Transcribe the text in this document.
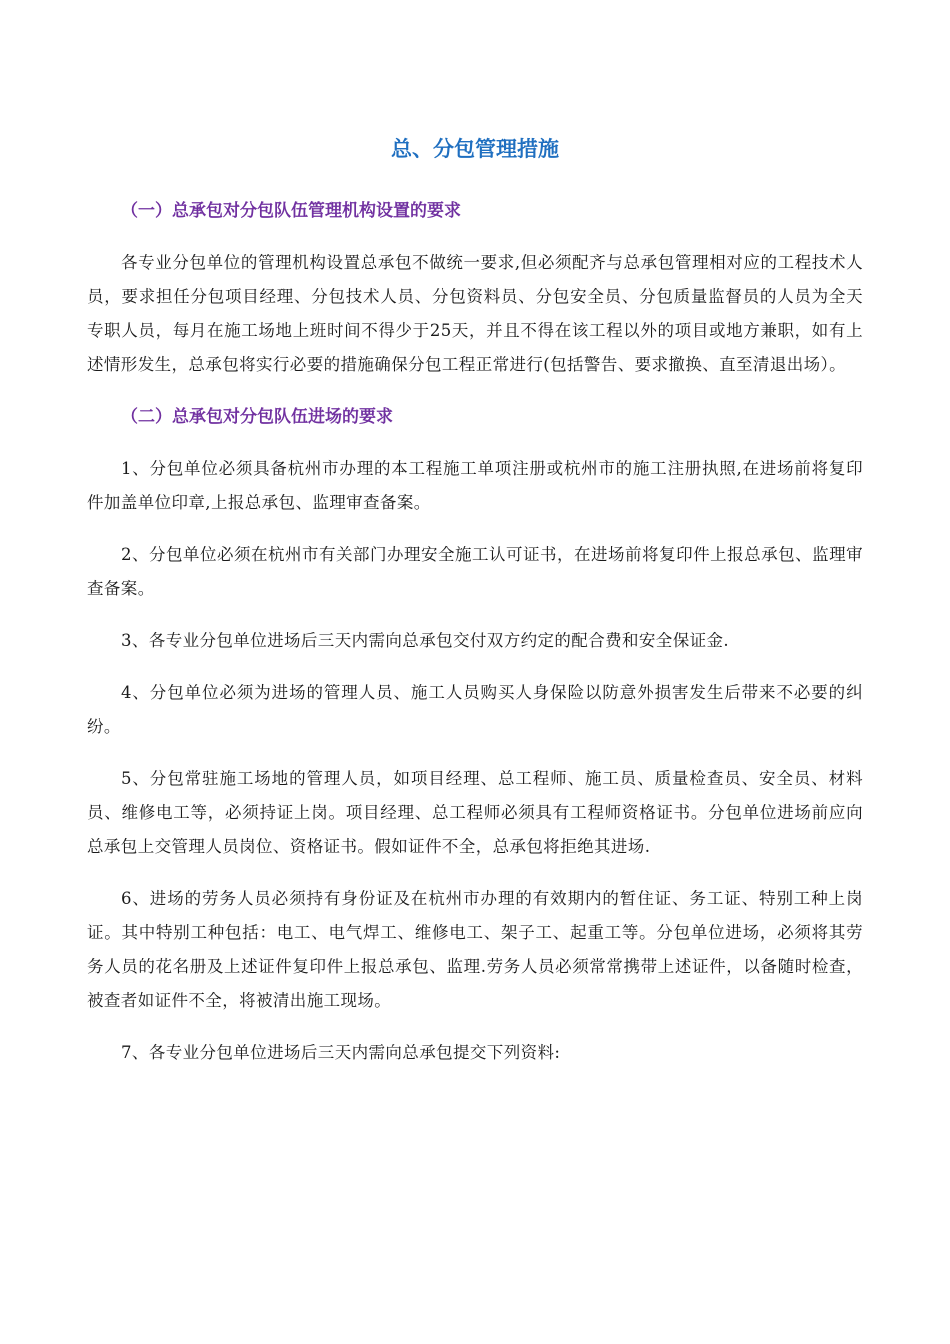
总、分包管理措施
（一）总承包对分包队伍管理机构设置的要求

各专业分包单位的管理机构设置总承包不做统一要求,但必须配齐与总承包管理相对应的工程技术人员，要求担任分包项目经理、分包技术人员、分包资料员、分包安全员、分包质量监督员的人员为全天专职人员，每月在施工场地上班时间不得少于25天，并且不得在该工程以外的项目或地方兼职，如有上述情形发生，总承包将实行必要的措施确保分包工程正常进行(包括警告、要求撤换、直至清退出场）。

（二）总承包对分包队伍进场的要求

1、分包单位必须具备杭州市办理的本工程施工单项注册或杭州市的施工注册执照,在进场前将复印件加盖单位印章,上报总承包、监理审查备案。

2、分包单位必须在杭州市有关部门办理安全施工认可证书，在进场前将复印件上报总承包、监理审查备案。

3、各专业分包单位进场后三天内需向总承包交付双方约定的配合费和安全保证金.

4、分包单位必须为进场的管理人员、施工人员购买人身保险以防意外损害发生后带来不必要的纠纷。

5、分包常驻施工场地的管理人员，如项目经理、总工程师、施工员、质量检查员、安全员、材料员、维修电工等，必须持证上岗。项目经理、总工程师必须具有工程师资格证书。分包单位进场前应向总承包上交管理人员岗位、资格证书。假如证件不全，总承包将拒绝其进场.

6、进场的劳务人员必须持有身份证及在杭州市办理的有效期内的暂住证、务工证、特别工种上岗证。其中特别工种包括：电工、电气焊工、维修电工、架子工、起重工等。分包单位进场，必须将其劳务人员的花名册及上述证件复印件上报总承包、监理.劳务人员必须常常携带上述证件，以备随时检查，被查者如证件不全，将被清出施工现场。

7、各专业分包单位进场后三天内需向总承包提交下列资料:
